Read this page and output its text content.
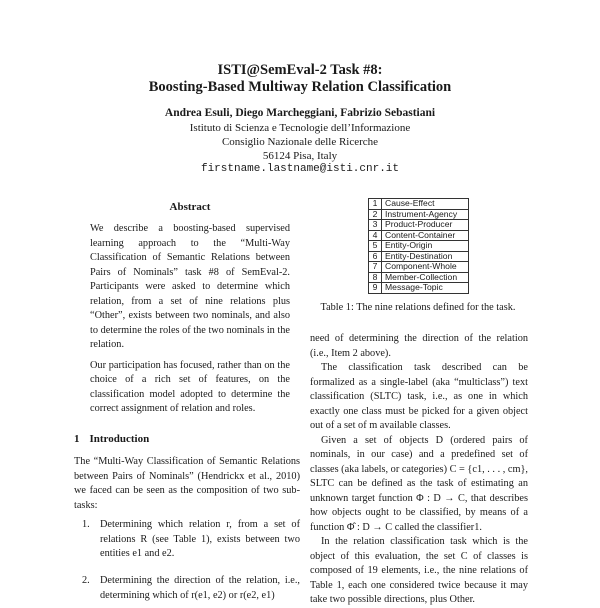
ISTI@SemEval-2 Task #8:
Boosting-Based Multiway Relation Classification
Andrea Esuli, Diego Marcheggiani, Fabrizio Sebastiani
Istituto di Scienza e Tecnologie dell’Informazione
Consiglio Nazionale delle Ricerche
56124 Pisa, Italy
firstname.lastname@isti.cnr.it
Abstract

We describe a boosting-based supervised learning approach to the “Multi-Way Classification of Semantic Relations between Pairs of Nominals” task #8 of SemEval-2. Participants were asked to determine which relation, from a set of nine relations plus “Other”, exists between two nominals, and also to determine the roles of the two nominals in the relation.

Our participation has focused, rather than on the choice of a rich set of features, on the classification model adopted to determine the correct assignment of relation and roles.

1 Introduction

The “Multi-Way Classification of Semantic Relations between Pairs of Nominals” (Hendrickx et al., 2010) we faced can be seen as the composition of two sub-tasks:

1. Determining which relation r, from a set of relations R (see Table 1), exists between two entities e1 and e2.
2. Determining the direction of the relation, i.e., determining which of r(e1, e2) or r(e2, e1)
1	Cause-Effect
2	Instrument-Agency
3	Product-Producer
4	Content-Container
5	Entity-Origin
6	Entity-Destination
7	Component-Whole
8	Member-Collection
9	Message-Topic
Table 1: The nine relations defined for the task.

need of determining the direction of the relation (i.e., Item 2 above).

The classification task described can be formalized as a single-label (aka “multiclass”) text classification (SLTC) task, i.e., as one in which exactly one class must be picked for a given object out of a set of m available classes.

Given a set of objects D (ordered pairs of nominals, in our case) and a predefined set of classes (aka labels, or categories) C = {c1, . . . , cm}, SLTC can be defined as the task of estimating an unknown target function Φ : D → C, that describes how objects ought to be classified, by means of a function Φ̂ : D → C called the classifier1.

In the relation classification task which is the object of this evaluation, the set C of classes is composed of 19 elements, i.e., the nine relations of Table 1, each one considered twice because it may take two possible directions, plus Other.
